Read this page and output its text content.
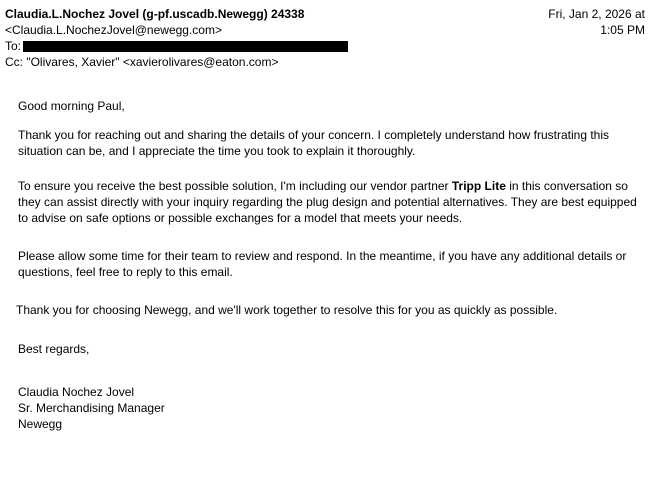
Claudia.L.Nochez Jovel (g-pf.uscadb.Newegg) 24338
<Claudia.L.NochezJovel@newegg.com>
To:
Cc: "Olivares, Xavier" <xavierolivares@eaton.com>
Fri, Jan 2, 2026 at
1:05 PM

Good morning Paul,

Thank you for reaching out and sharing the details of your concern. I completely understand how frustrating this situation can be, and I appreciate the time you took to explain it thoroughly.

To ensure you receive the best possible solution, I'm including our vendor partner Tripp Lite in this conversation so they can assist directly with your inquiry regarding the plug design and potential alternatives. They are best equipped to advise on safe options or possible exchanges for a model that meets your needs.

Please allow some time for their team to review and respond. In the meantime, if you have any additional details or questions, feel free to reply to this email.

Thank you for choosing Newegg, and we'll work together to resolve this for you as quickly as possible.

Best regards,

Claudia Nochez Jovel
Sr. Merchandising Manager
Newegg
